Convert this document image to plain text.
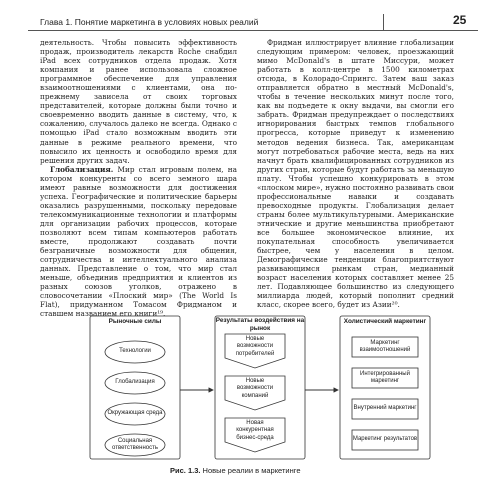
Глава 1. Понятие маркетинга в условиях новых реалий	25

деятельность. Чтобы повысить эффективность продаж, производитель лекарств Roche снабдил iPad всех сотрудников отдела продаж. Хотя компания и ранее использовала сложное программное обеспечение для управления взаимоотношениями с клиентами, она по-прежнему зависела от своих торговых представителей, которые должны были точно и своевременно вводить данные в систему, что, к сожалению, случалось далеко не всегда. Однако с помощью iPad стало возможным вводить эти данные в режиме реального времени, что повысило их ценность и освободило время для решения других задач.

Глобализация. Мир стал игровым полем, на котором конкуренты со всего земного шара имеют равные возможности для достижения успеха. Географические и политические барьеры оказались разрушенными, поскольку передовые телекоммуникационные технологии и платформы для организации рабочих процессов, которые позволяют всем типам компьютеров работать вместе, продолжают создавать почти безграничные возможности для общения, сотрудничества и интеллектуального анализа данных. Представление о том, что мир стал меньше, объединив предприятия и клиентов из разных союзов уголков, отражено в словосочетании «Плоский мир» (The World Is Flat), придуманном Томасом Фридманом и ставшем названием его книги¹⁹.

Фридман иллюстрирует влияние глобализации следующим примером: человек, проезжающий мимо McDonald's в штате Миссури, может работать в колл-центре в 1500 километрах отсюда, в Колорадо-Спрингс. Затем ваш заказ отправляется обратно в местный McDonald's, чтобы в течение нескольких минут после того, как вы подъедете к окну выдачи, вы смогли его забрать. Фридман предупреждает о последствиях игнорирования быстрых темпов глобального прогресса, которые приведут к изменению методов ведения бизнеса. Так, американцам могут потребоваться рабочие места, ведь на них начнут брать квалифицированных сотрудников из других стран, которые будут работать за меньшую плату. Чтобы успешно конкурировать в этом «плоском мире», нужно постоянно развивать свои профессиональные навыки и создавать превосходные продукты. Глобализация делает страны более мультикультурными. Американские этнические и другие меньшинства приобретают все большее экономическое влияние, их покупательная способность увеличивается быстрее, чем у населения в целом. Демографические тенденции благоприятствуют развивающимся рынкам стран, медианный возраст населения которых составляет менее 25 лет. Подавляющее большинство из следующего миллиарда людей, который пополнит средний класс, скорее всего, будет из Азии²⁰.

Рыночные силы	Результаты воздействия на рынок
Холистический маркетинг
Технологии
Глобализация
Окружающая среда
Социальная ответственность
Новые возможности потребителей
Новые возможности компаний
Новая конкурентная бизнес-среда
Маркетинг взаимоотношений
Интегрированный маркетинг
Внутренний маркетинг
Маркетинг результатов
Рис. 1.3. Новые реалии в маркетинге
